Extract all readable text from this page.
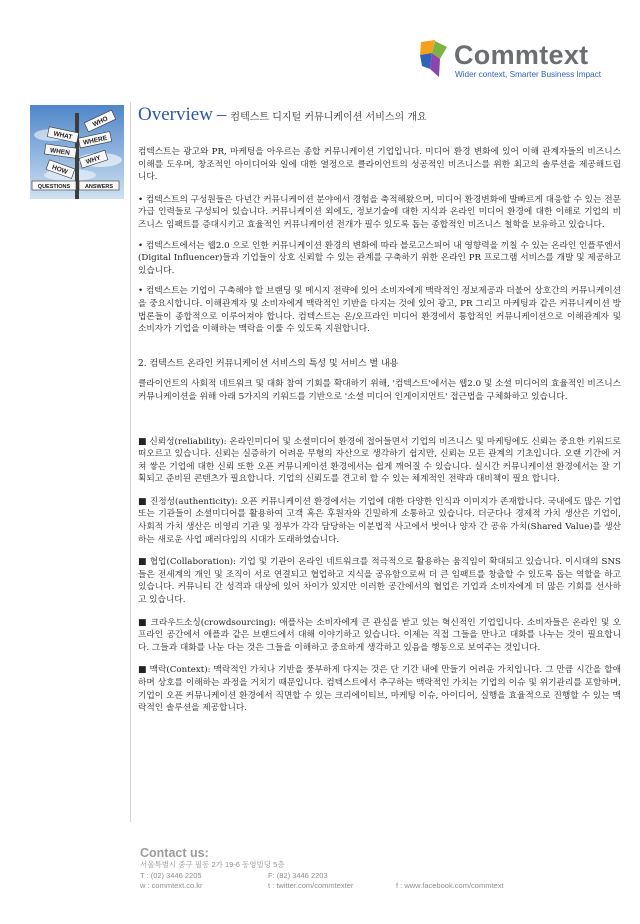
Commtext
Wider context, Smarter Business Impact
WHO
WHAT WHERE
WHEN
WHY
HOW
QUESTIONS	ANSWERS
Overview – 컴텍스트 디지털 커뮤니케이션 서비스의 개요

컴텍스트는 광고와 PR, 마케팅을 아우르는 종합 커뮤니케이션 기업입니다. 미디어 환경 변화에 있어 이해 관계자들의 비즈니스 이해를 도우며, 창조적인 아이디어와 일에 대한 열정으로 클라이언트의 성공적인 비즈니스를 위한 최고의 솔루션을 제공해드립니다.

• 컴텍스트의 구성원들은 다년간 커뮤니케이션 분야에서 경험을 축적해왔으며, 미디어 환경변화에 발빠르게 대응할 수 있는 전문가급 인력들로 구성되어 있습니다. 커뮤니케이션 외에도, 정보기술에 대한 지식과 온라인 미디어 환경에 대한 이해로 기업의 비즈니스 임팩트를 증대시키고 효율적인 커뮤니케이션 전개가 필수 있도록 돕는 종합적인 비즈니스 철학을 보유하고 있습니다.

• 컴텍스트에서는 웹2.0 으로 인한 커뮤니케이션 환경의 변화에 따라 블로고스피어 내 영향력을 끼칠 수 있는 온라인 인플루엔서(Digital Influencer)들과 기업들이 상호 신뢰할 수 있는 관계를 구축하기 위한 온라인 PR 프로그램 서비스를 개발 및 제공하고 있습니다.

• 컴텍스트는 기업이 구축해야 할 브랜딩 및 메시지 전략에 있어 소비자에게 맥락적인 정보제공과 더불어 상호간의 커뮤니케이션을 중요시합니다. 이해관계자 및 소비자에게 맥락적인 기반을 다지는 것에 있어 광고, PR 그리고 마케팅과 같은 커뮤니케이션 방법론들이 종합적으로 이루어져야 합니다. 컴텍스트는 온/오프라인 미디어 환경에서 통합적인 커뮤니케이션으로 이해관계자 및 소비자가 기업을 이해하는 맥락을 이룰 수 있도록 지원합니다.

2. 컴텍스트 온라인 커뮤니케이션 서비스의 특성 및 서비스 별 내용

클라이언트의 사회적 네트워크 및 대화 참여 기회를 확대하기 위해, '컴텍스트'에서는 웹2.0 및 소셜 미디어의 효율적인 비즈니스 커뮤니케이션을 위해 아래 5가지의 키워드를 기반으로 '소셜 미디어 인게이지먼트' 접근법을 구체화하고 있습니다.

■ 신뢰성(reliability): 온라인미디어 및 소셜미디어 환경에 접어들면서 기업의 비즈니스 및 마케팅에도 신뢰는 중요한 키워드로 떠오르고 있습니다. 신뢰는 실증하기 어려운 무형의 자산으로 생각하기 쉽지만, 신뢰는 모든 관계의 기초입니다. 오랜 기간에 거쳐 쌓은 기업에 대한 신뢰 또한 오픈 커뮤니케이션 환경에서는 쉽게 깨어질 수 있습니다. 실시간 커뮤니케이션 환경에서는 잘 기획되고 준비된 콘텐츠가 필요합니다. 기업의 신뢰도를 견고히 할 수 있는 체계적인 전략과 대비책이 필요 합니다.

■ 진정성(authenticity): 오픈 커뮤니케이션 환경에서는 기업에 대한 다양한 인식과 이미지가 존재합니다. 국내에도 많은 기업 또는 기관들이 소셜미디어를 활용하여 고객 혹은 후원자와 긴밀하게 소통하고 있습니다. 더군다나 경제적 가치 생산은 기업이, 사회적 가치 생산은 비영리 기관 및 정부가 각각 담당하는 이분법적 사고에서 벗어나 양자 간 공유 가치(Shared Value)를 생산하는 새로운 사업 패러다임의 시대가 도래하였습니다.

■ 협업(Collaboration): 기업 및 기관이 온라인 네트워크를 적극적으로 활용하는 움직임이 확대되고 있습니다. 이시대의 SNS들은 전세계의 개인 및 조직이 서로 연결되고 협업하고 지식을 공유함으로써 더 큰 임팩트를 창출할 수 있도록 돕는 역할을 하고 있습니다. 커뮤니티 간 성격과 대상에 있어 차이가 있지만 이러한 공간에서의 협업은 기업과 소비자에게 더 많은 기회를 선사하고 있습니다.

■ 크라우드소싱(crowdsourcing): 애플사는 소비자에게 큰 관심을 받고 있는 혁신적인 기업입니다. 소비자들은 온라인 및 오프라인 공간에서 애플과 같은 브랜드에서 대해 이야기하고 있습니다. 이제는 직접 그들을 만나고 대화를 나누는 것이 필요합니다. 그들과 대화를 나눈 다는 것은 그들을 이해하고 중요하게 생각하고 있음을 행동으로 보여주는 것입니다.

■ 맥락(Context): 맥락적인 가치나 기반을 풍부하게 다지는 것은 단 기간 내에 만들기 어려운 가치입니다. 그 만큼 시간을 할애하며 상호를 이해하는 과정을 거치기 때문입니다. 컴텍스트에서 추구하는 맥락적인 가치는 기업의 이슈 및 위기관리를 포함하며, 기업이 오픈 커뮤니케이션 환경에서 직면할 수 있는 크리에이티브, 마케팅 이슈, 아이디어, 실행을 효율적으로 진행할 수 있는 맥락적인 솔루션을 제공합니다.

Contact us:
서울특별시 중구 필동 2가 19-6 동영빌딩 5층
T : (02) 3446 2205	F: (82) 3446 2203
w : commtext.co.kr	t : twitter.com/commtexter	f : www.facebook.com/commtext
